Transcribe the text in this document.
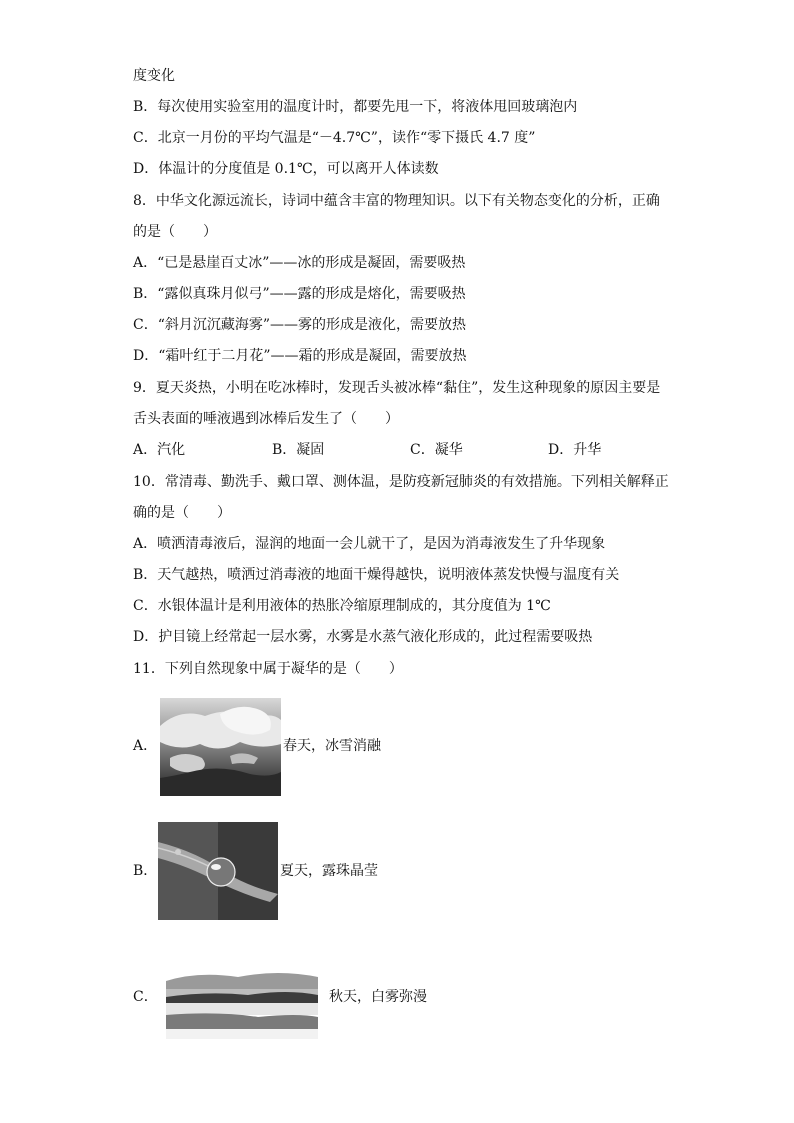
度变化
B．每次使用实验室用的温度计时，都要先甩一下，将液体甩回玻璃泡内
C．北京一月份的平均气温是“－4.7℃”，读作“零下摄氏 4.7 度”
D．体温计的分度值是 0.1℃，可以离开人体读数
8．中华文化源远流长，诗词中蕴含丰富的物理知识。以下有关物态变化的分析，正确
的是（　　）
A．“已是悬崖百丈冰”——冰的形成是凝固，需要吸热
B．“露似真珠月似弓”——露的形成是熔化，需要吸热
C．“斜月沉沉藏海雾”——雾的形成是液化，需要放热
D．“霜叶红于二月花”——霜的形成是凝固，需要放热
9．夏天炎热，小明在吃冰棒时，发现舌头被冰棒“黏住”，发生这种现象的原因主要是
舌头表面的唾液遇到冰棒后发生了（　　）
A．汽化	B．凝固	C．凝华	D．升华
10．常清毒、勤洗手、戴口罩、测体温，是防疫新冠肺炎的有效措施。下列相关解释正
确的是（　　）
A．喷洒清毒液后，湿润的地面一会儿就干了，是因为消毒液发生了升华现象
B．天气越热，喷洒过消毒液的地面干燥得越快，说明液体蒸发快慢与温度有关
C．水银体温计是利用液体的热胀冷缩原理制成的，其分度值为 1℃
D．护目镜上经常起一层水雾，水雾是水蒸气液化形成的，此过程需要吸热
11．下列自然现象中属于凝华的是（　　）
A．	春天，冰雪消融
B．	夏天，露珠晶莹
C．	秋天，白雾弥漫
